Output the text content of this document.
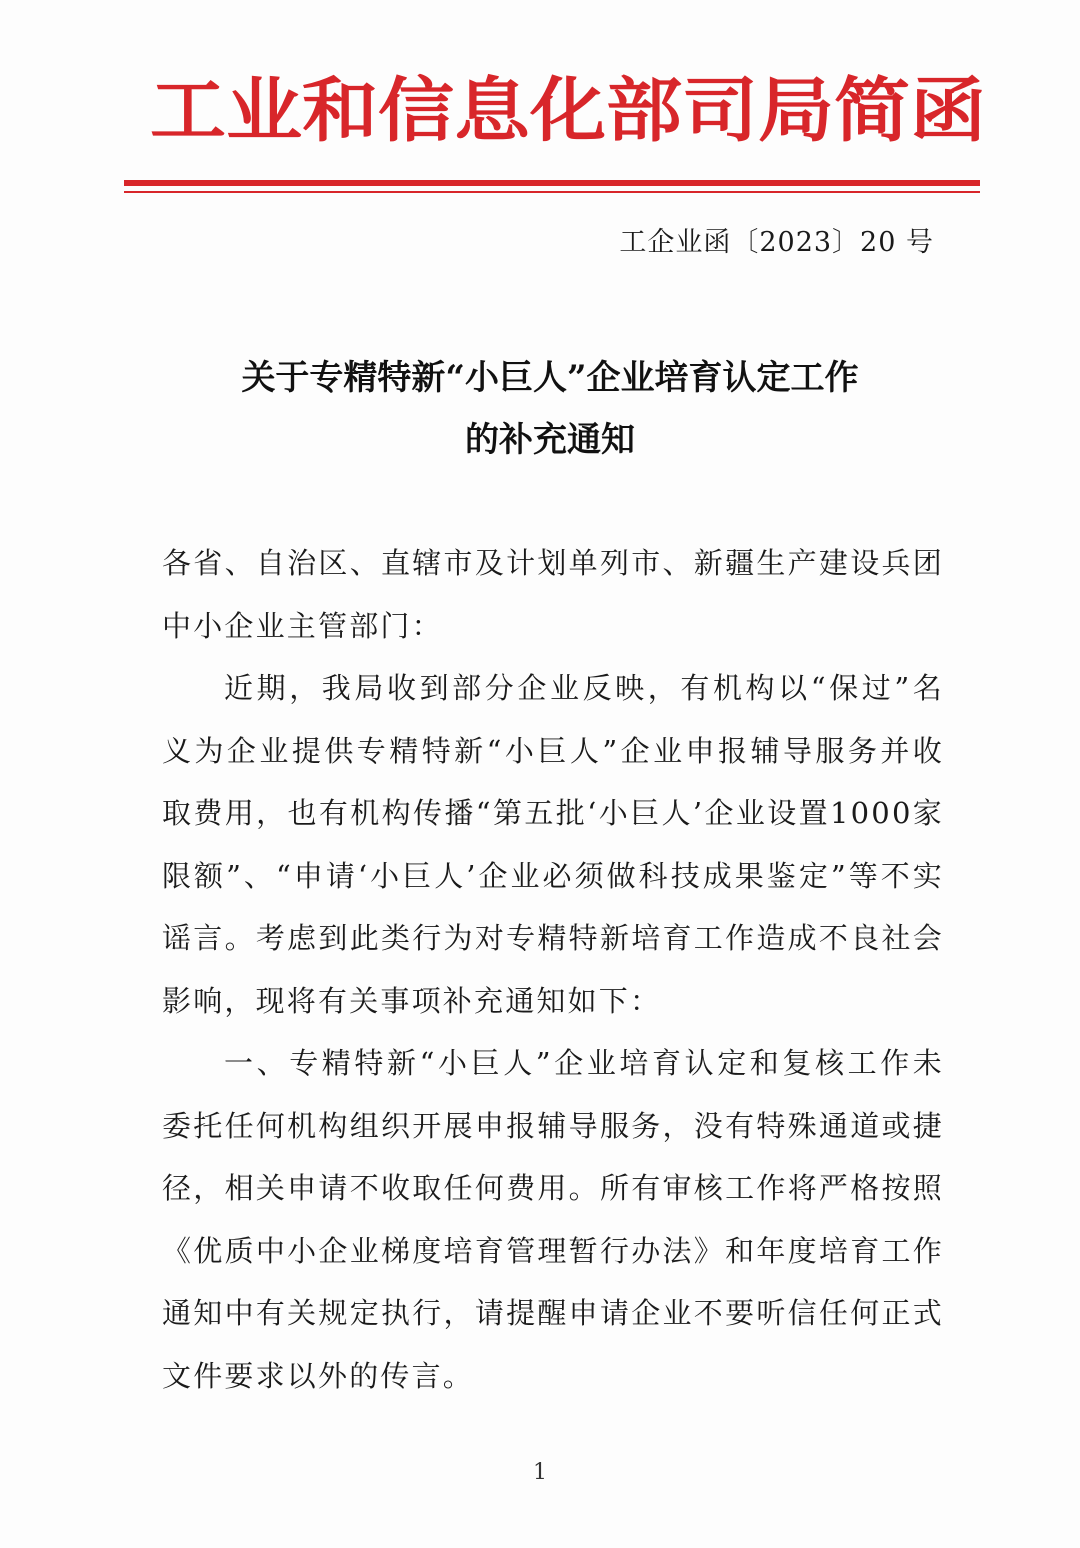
工 业 和 信 息 化 部 司 局 简 函
工企业函〔2023〕20 号
关于专精特新“小巨人”企业培育认定工作
的补充通知

各省、自治区、直辖市及计划单列市、新疆生产建设兵团中小企业主管部门：

近期，我局收到部分企业反映，有机构以“保过”名义为企业提供专精特新“小巨人”企业申报辅导服务并收取费用，也有机构传播“第五批‘小巨人’企业设置1000家限额”、“申请‘小巨人’企业必须做科技成果鉴定”等不实谣言。考虑到此类行为对专精特新培育工作造成不良社会影响，现将有关事项补充通知如下：

一、专精特新“小巨人”企业培育认定和复核工作未委托任何机构组织开展申报辅导服务，没有特殊通道或捷径，相关申请不收取任何费用。所有审核工作将严格按照《优质中小企业梯度培育管理暂行办法》和年度培育工作通知中有关规定执行，请提醒申请企业不要听信任何正式文件要求以外的传言。

1
